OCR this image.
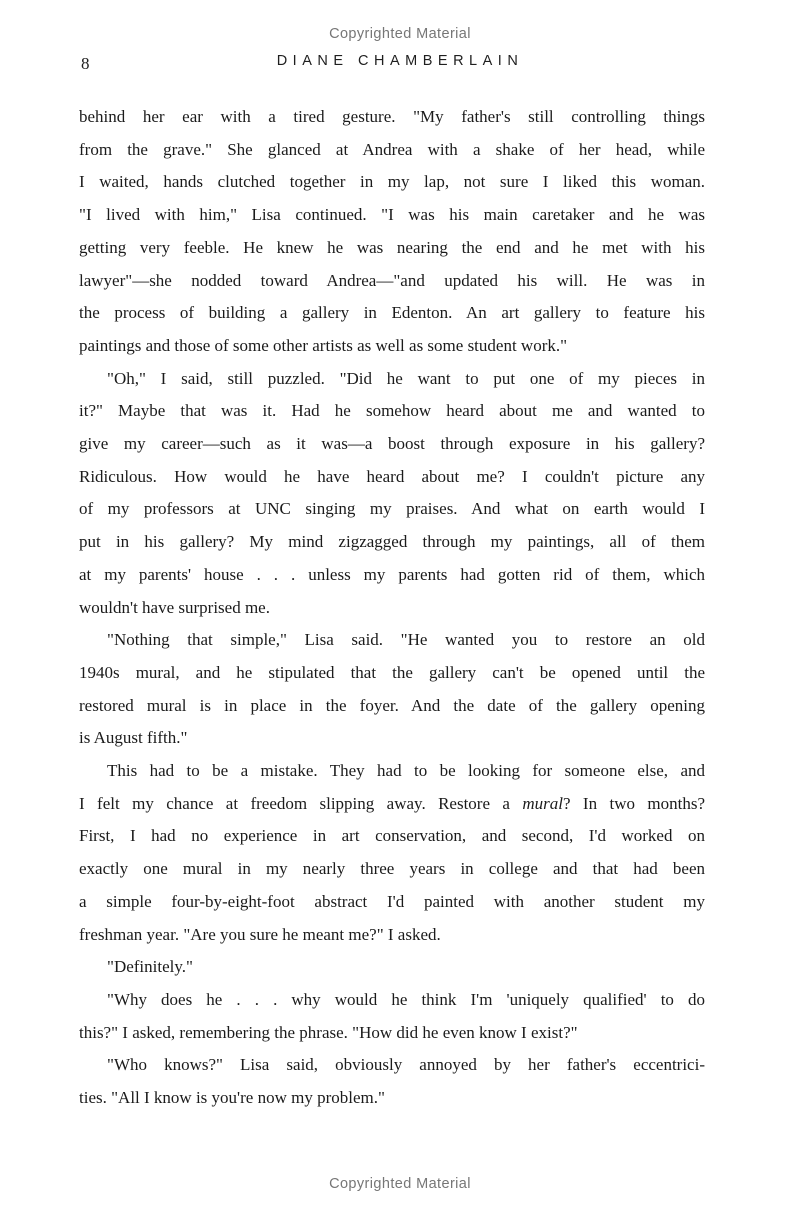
Copyrighted Material
8	DIANE CHAMBERLAIN
behind her ear with a tired gesture. "My father's still controlling things
from the grave." She glanced at Andrea with a shake of her head, while
I waited, hands clutched together in my lap, not sure I liked this woman.
"I lived with him," Lisa continued. "I was his main caretaker and he was
getting very feeble. He knew he was nearing the end and he met with his
lawyer"—she nodded toward Andrea—"and updated his will. He was in
the process of building a gallery in Edenton. An art gallery to feature his
paintings and those of some other artists as well as some student work."
"Oh," I said, still puzzled. "Did he want to put one of my pieces in
it?" Maybe that was it. Had he somehow heard about me and wanted to
give my career—such as it was—a boost through exposure in his gallery?
Ridiculous. How would he have heard about me? I couldn't picture any
of my professors at UNC singing my praises. And what on earth would I
put in his gallery? My mind zigzagged through my paintings, all of them
at my parents' house . . . unless my parents had gotten rid of them, which
wouldn't have surprised me.
"Nothing that simple," Lisa said. "He wanted you to restore an old
1940s mural, and he stipulated that the gallery can't be opened until the
restored mural is in place in the foyer. And the date of the gallery opening
is August fifth."
This had to be a mistake. They had to be looking for someone else, and
I felt my chance at freedom slipping away. Restore a mural? In two months?
First, I had no experience in art conservation, and second, I'd worked on
exactly one mural in my nearly three years in college and that had been
a simple four-by-eight-foot abstract I'd painted with another student my
freshman year. "Are you sure he meant me?" I asked.
"Definitely."
"Why does he . . . why would he think I'm 'uniquely qualified' to do
this?" I asked, remembering the phrase. "How did he even know I exist?"
"Who knows?" Lisa said, obviously annoyed by her father's eccentrici-
ties. "All I know is you're now my problem."
Copyrighted Material
